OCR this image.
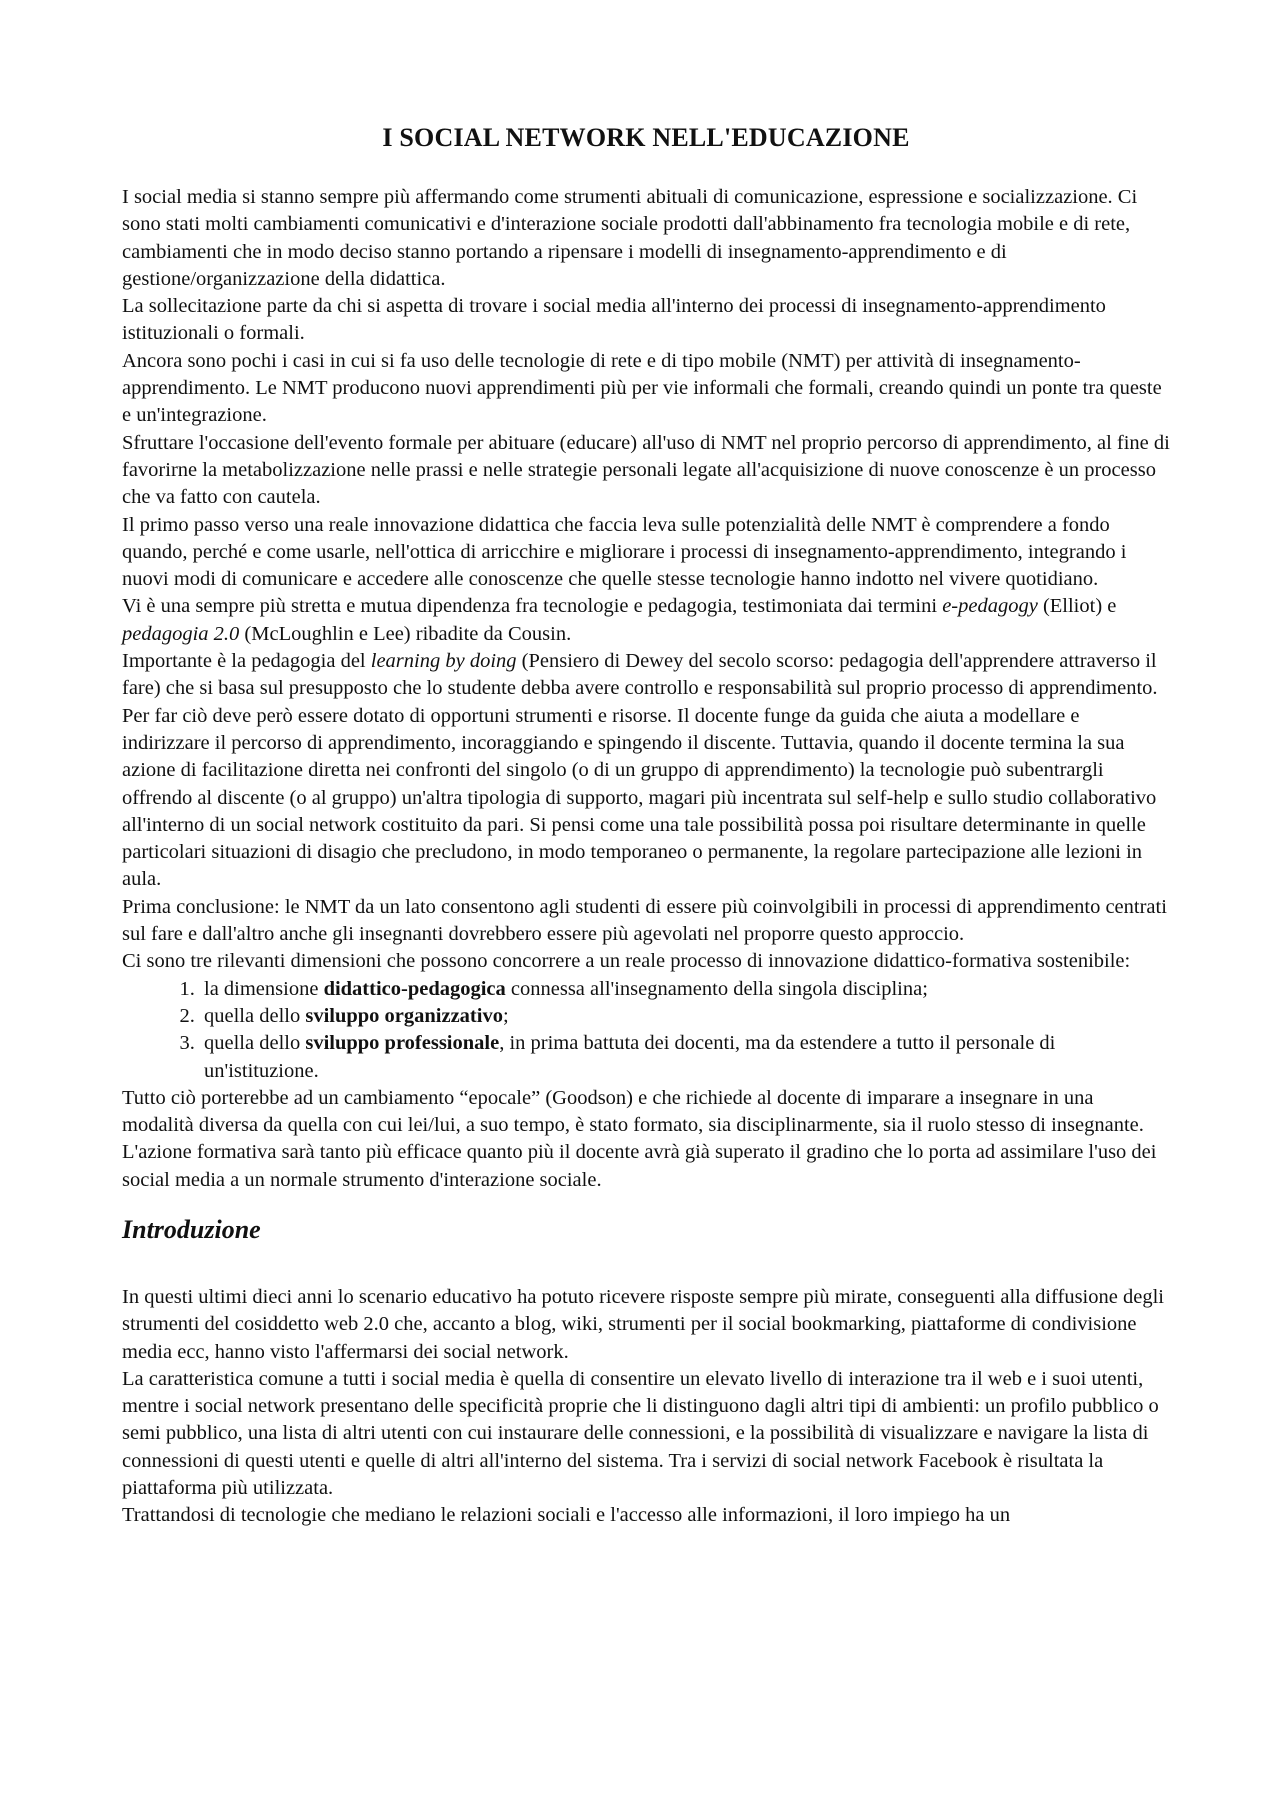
I SOCIAL NETWORK NELL'EDUCAZIONE

I social media si stanno sempre più affermando come strumenti abituali di comunicazione, espressione e socializzazione. Ci sono stati molti cambiamenti comunicativi e d'interazione sociale prodotti dall'abbinamento fra tecnologia mobile e di rete, cambiamenti che in modo deciso stanno portando a ripensare i modelli di insegnamento-apprendimento e di gestione/organizzazione della didattica.

La sollecitazione parte da chi si aspetta di trovare i social media all'interno dei processi di insegnamento-apprendimento istituzionali o formali.

Ancora sono pochi i casi in cui si fa uso delle tecnologie di rete e di tipo mobile (NMT) per attività di insegnamento-apprendimento. Le NMT producono nuovi apprendimenti più per vie informali che formali, creando quindi un ponte tra queste e un'integrazione.

Sfruttare l'occasione dell'evento formale per abituare (educare) all'uso di NMT nel proprio percorso di apprendimento, al fine di favorirne la metabolizzazione nelle prassi e nelle strategie personali legate all'acquisizione di nuove conoscenze è un processo che va fatto con cautela.

Il primo passo verso una reale innovazione didattica che faccia leva sulle potenzialità delle NMT è comprendere a fondo quando, perché e come usarle, nell'ottica di arricchire e migliorare i processi di insegnamento-apprendimento, integrando i nuovi modi di comunicare e accedere alle conoscenze che quelle stesse tecnologie hanno indotto nel vivere quotidiano.

Vi è una sempre più stretta e mutua dipendenza fra tecnologie e pedagogia, testimoniata dai termini e-pedagogy (Elliot) e pedagogia 2.0 (McLoughlin e Lee) ribadite da Cousin.

Importante è la pedagogia del learning by doing (Pensiero di Dewey del secolo scorso: pedagogia dell'apprendere attraverso il fare) che si basa sul presupposto che lo studente debba avere controllo e responsabilità sul proprio processo di apprendimento. Per far ciò deve però essere dotato di opportuni strumenti e risorse. Il docente funge da guida che aiuta a modellare e indirizzare il percorso di apprendimento, incoraggiando e spingendo il discente. Tuttavia, quando il docente termina la sua azione di facilitazione diretta nei confronti del singolo (o di un gruppo di apprendimento) la tecnologie può subentrargli offrendo al discente (o al gruppo) un'altra tipologia di supporto, magari più incentrata sul self-help e sullo studio collaborativo all'interno di un social network costituito da pari. Si pensi come una tale possibilità possa poi risultare determinante in quelle particolari situazioni di disagio che precludono, in modo temporaneo o permanente, la regolare partecipazione alle lezioni in aula.

Prima conclusione: le NMT da un lato consentono agli studenti di essere più coinvolgibili in processi di apprendimento centrati sul fare e dall'altro anche gli insegnanti dovrebbero essere più agevolati nel proporre questo approccio.

Ci sono tre rilevanti dimensioni che possono concorrere a un reale processo di innovazione didattico-formativa sostenibile:

1. la dimensione didattico-pedagogica connessa all'insegnamento della singola disciplina;
2. quella dello sviluppo organizzativo;
3. quella dello sviluppo professionale, in prima battuta dei docenti, ma da estendere a tutto il personale di un'istituzione.

Tutto ciò porterebbe ad un cambiamento “epocale” (Goodson) e che richiede al docente di imparare a insegnare in una modalità diversa da quella con cui lei/lui, a suo tempo, è stato formato, sia disciplinarmente, sia il ruolo stesso di insegnante.

L'azione formativa sarà tanto più efficace quanto più il docente avrà già superato il gradino che lo porta ad assimilare l'uso dei social media a un normale strumento d'interazione sociale.

Introduzione

In questi ultimi dieci anni lo scenario educativo ha potuto ricevere risposte sempre più mirate, conseguenti alla diffusione degli strumenti del cosiddetto web 2.0 che, accanto a blog, wiki, strumenti per il social bookmarking, piattaforme di condivisione media ecc, hanno visto l'affermarsi dei social network.

La caratteristica comune a tutti i social media è quella di consentire un elevato livello di interazione tra il web e i suoi utenti, mentre i social network presentano delle specificità proprie che li distinguono dagli altri tipi di ambienti: un profilo pubblico o semi pubblico, una lista di altri utenti con cui instaurare delle connessioni, e la possibilità di visualizzare e navigare la lista di connessioni di questi utenti e quelle di altri all'interno del sistema. Tra i servizi di social network Facebook è risultata la piattaforma più utilizzata.

Trattandosi di tecnologie che mediano le relazioni sociali e l'accesso alle informazioni, il loro impiego ha un
